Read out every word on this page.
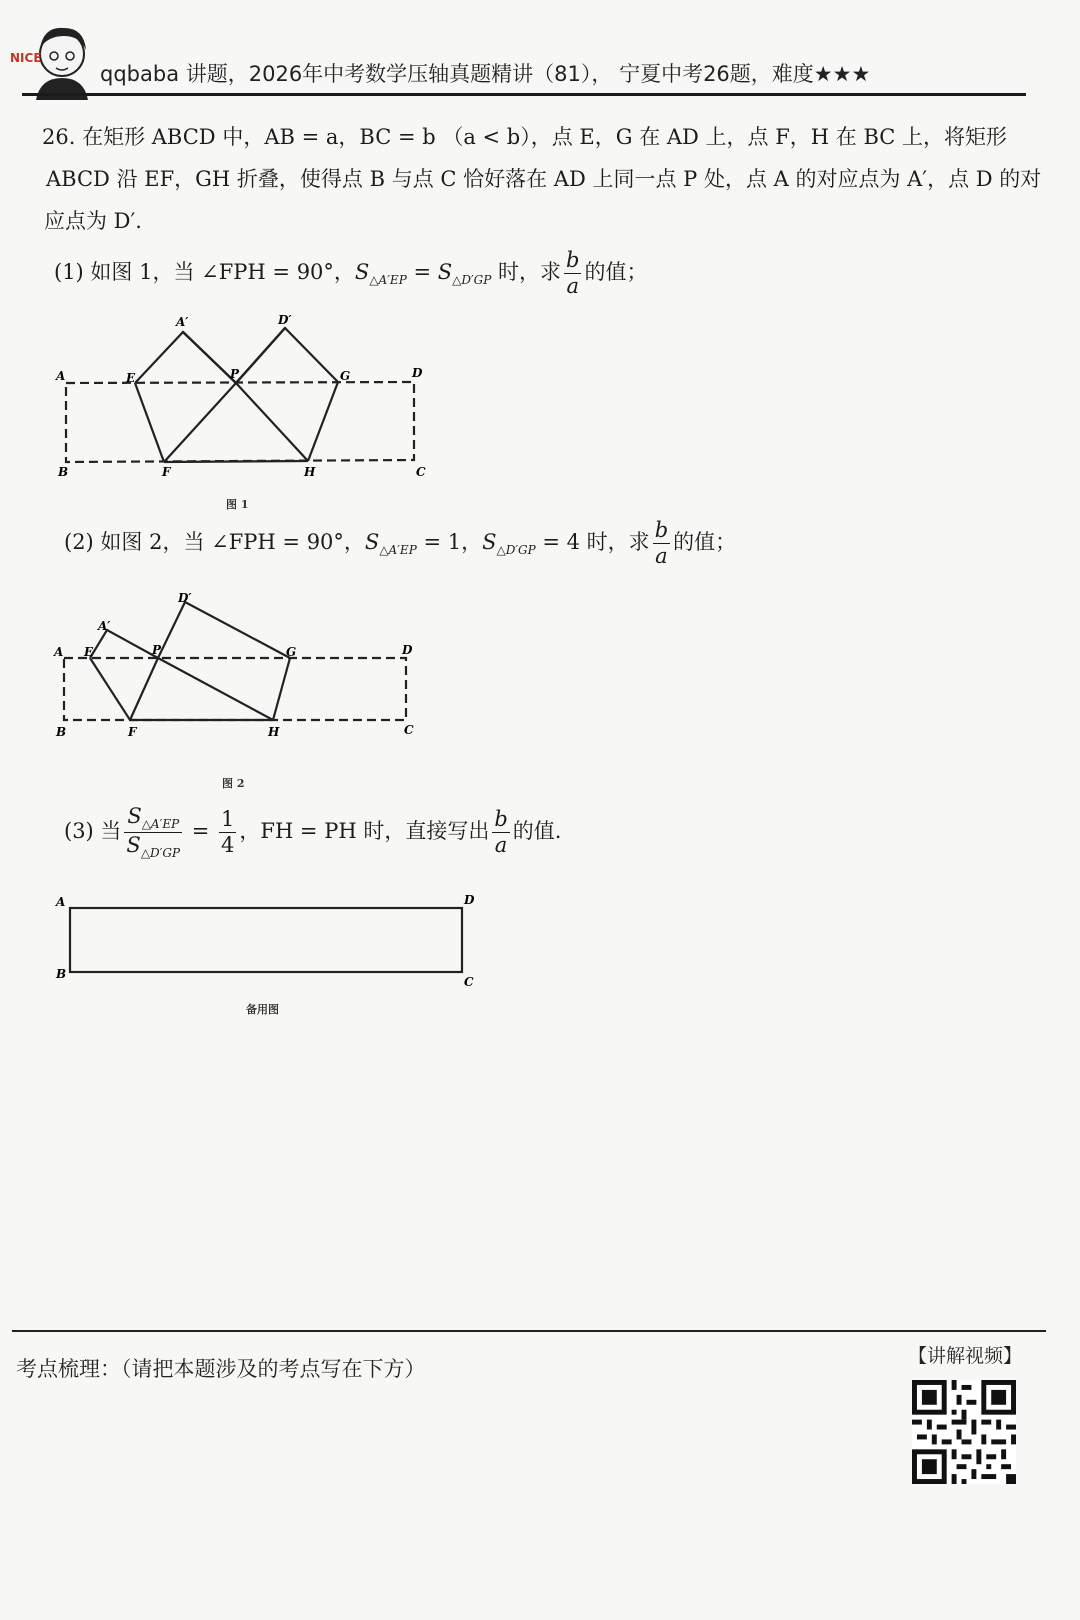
NICE
qqbaba 讲题，2026年中考数学压轴真题精讲（81）， 宁夏中考26题，难度★★★
26. 在矩形 ABCD 中，AB = a，BC = b （a < b），点 E，G 在 AD 上，点 F，H 在 BC 上，将矩形
ABCD 沿 EF，GH 折叠，使得点 B 与点 C 恰好落在 AD 上同一点 P 处，点 A 的对应点为 A′，点 D 的对
应点为 D′.
(1) 如图 1，当 ∠FPH = 90°，$S_{\triangle A'EP} = S_{\triangle D'GP}$ 时，求 $\frac{b}{a}$ 的值；
A
B	C
D
E
F
G
H
P
A′	D′
图 1
(2) 如图 2，当 ∠FPH = 90°，$S_{\triangle A'EP} = 1$，$S_{\triangle D'GP} = 4$ 时，求 $\frac{b}{a}$ 的值；
A
B	C
D
E
F
G
H
P
A′
D′
图 2
(3) 当 $\frac{S_{\triangle A'EP}}{S_{\triangle D'GP}} = \frac{1}{4}$ ，FH = PH 时，直接写出 $\frac{b}{a}$ 的值.
A
B
C
D
备用图
考点梳理：（请把本题涉及的考点写在下方）
【讲解视频】
